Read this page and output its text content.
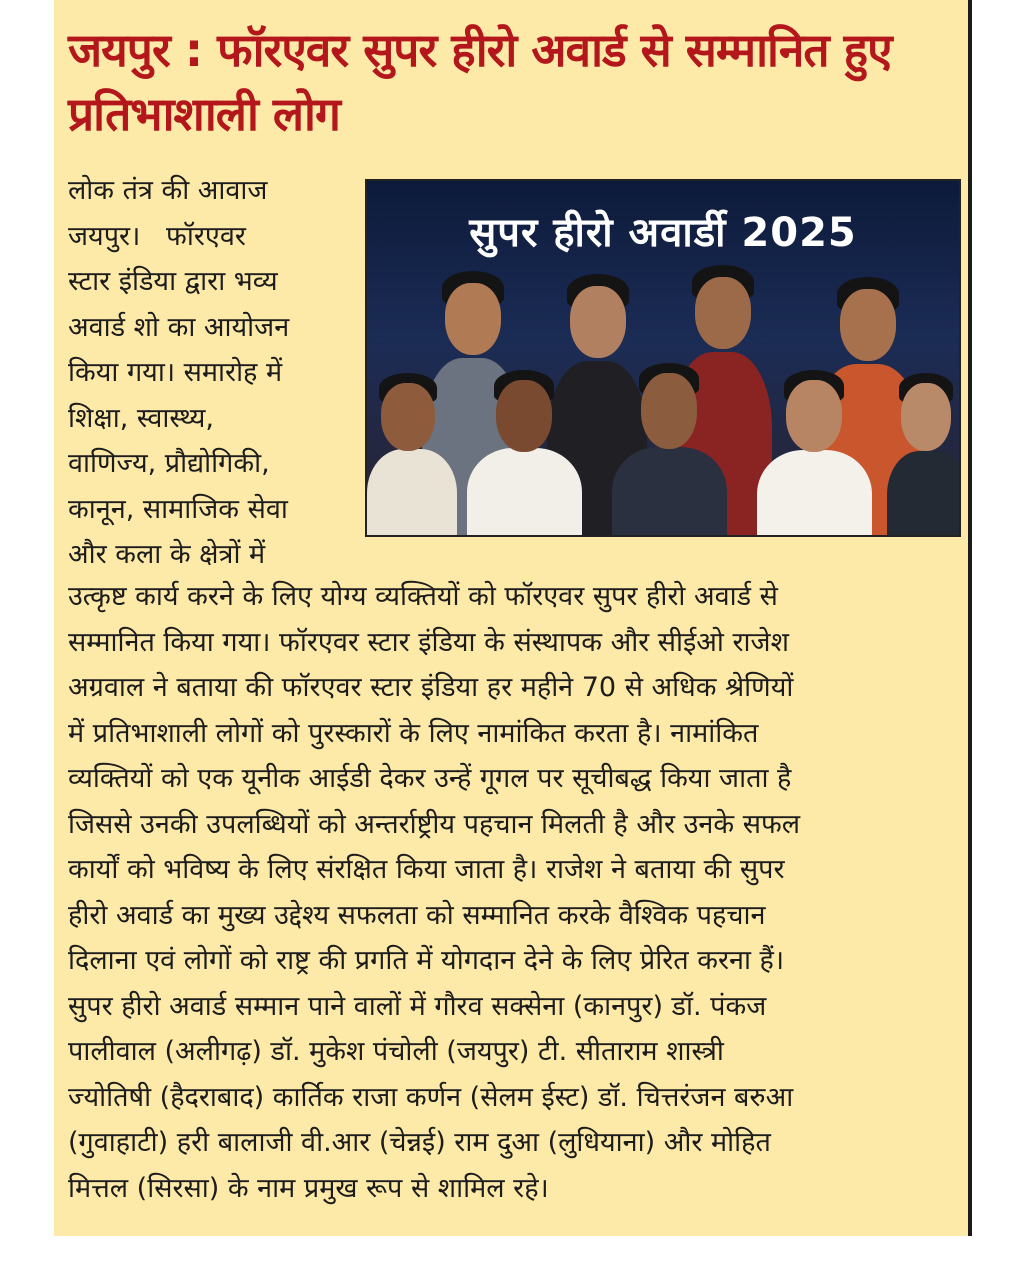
जयपुर : फॉरएवर सुपर हीरो अवार्ड से सम्मानित हुए प्रतिभाशाली लोग
लोक तंत्र की आवाज
जयपुर।   फॉरएवर
स्टार इंडिया द्वारा भव्य
अवार्ड शो का आयोजन
किया गया। समारोह में
शिक्षा, स्वास्थ्य,
वाणिज्य, प्रौद्योगिकी,
कानून, सामाजिक सेवा
और कला के क्षेत्रों में
उत्कृष्ट कार्य करने के लिए योग्य व्यक्तियों को फॉरएवर सुपर हीरो अवार्ड से
सम्मानित किया गया। फॉरएवर स्टार इंडिया के संस्थापक और सीईओ राजेश
अग्रवाल ने बताया की फॉरएवर स्टार इंडिया हर महीने 70 से अधिक श्रेणियों
में प्रतिभाशाली लोगों को पुरस्कारों के लिए नामांकित करता है। नामांकित
व्यक्तियों को एक यूनीक आईडी देकर उन्हें गूगल पर सूचीबद्ध किया जाता है
जिससे उनकी उपलब्धियों को अन्तर्राष्ट्रीय पहचान मिलती है और उनके सफल
कार्यों को भविष्य के लिए संरक्षित किया जाता है। राजेश ने बताया की सुपर
हीरो अवार्ड का मुख्य उद्देश्य सफलता को सम्मानित करके वैश्विक पहचान
दिलाना एवं लोगों को राष्ट्र की प्रगति में योगदान देने के लिए प्रेरित करना हैं।
सुपर हीरो अवार्ड सम्मान पाने वालों में गौरव सक्सेना (कानपुर) डॉ. पंकज
पालीवाल (अलीगढ़) डॉ. मुकेश पंचोली (जयपुर) टी. सीताराम शास्त्री
ज्योतिषी (हैदराबाद) कार्तिक राजा कर्णन (सेलम ईस्ट) डॉ. चित्तरंजन बरुआ
(गुवाहाटी) हरी बालाजी वी.आर (चेन्नई) राम दुआ (लुधियाना) और मोहित
मित्तल (सिरसा) के नाम प्रमुख रूप से शामिल रहे।
सुपर हीरो अवार्डी 2025
